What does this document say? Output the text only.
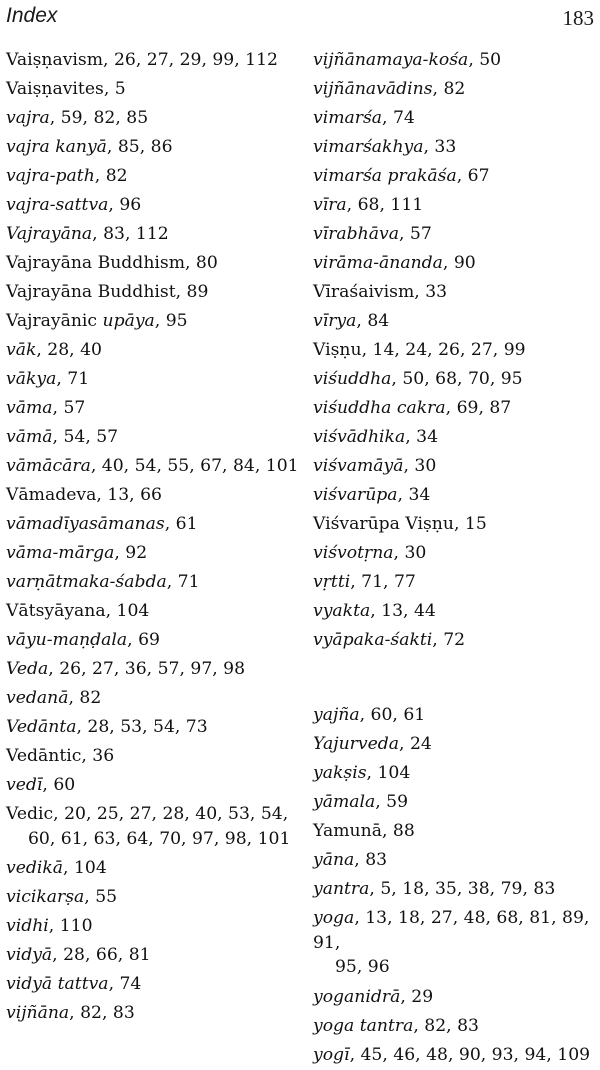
Index	183
Vaiṣṇavism, 26, 27, 29, 99, 112
Vaiṣṇavites, 5
vajra, 59, 82, 85
vajra kanyā, 85, 86
vajra-path, 82
vajra-sattva, 96
Vajrayāna, 83, 112
Vajrayāna Buddhism, 80
Vajrayāna Buddhist, 89
Vajrayānic upāya, 95
vāk, 28, 40
vākya, 71
vāma, 57
vāmā, 54, 57
vāmācāra, 40, 54, 55, 67, 84, 101
Vāmadeva, 13, 66
vāmadīyasāmanas, 61
vāma-mārga, 92
varṇātmaka-śabda, 71
Vātsyāyana, 104
vāyu-maṇḍala, 69
Veda, 26, 27, 36, 57, 97, 98
vedanā, 82
Vedānta, 28, 53, 54, 73
Vedāntic, 36
vedī, 60
Vedic, 20, 25, 27, 28, 40, 53, 54,
60, 61, 63, 64, 70, 97, 98, 101
vedikā, 104
vicikarṣa, 55
vidhi, 110
vidyā, 28, 66, 81
vidyā tattva, 74
vijñāna, 82, 83
vijñānamaya-kośa, 50
vijñānavādins, 82
vimarśa, 74
vimarśakhya, 33
vimarśa prakāśa, 67
vīra, 68, 111
vīrabhāva, 57
virāma-ānanda, 90
Vīraśaivism, 33
vīrya, 84
Viṣṇu, 14, 24, 26, 27, 99
viśuddha, 50, 68, 70, 95
viśuddha cakra, 69, 87
viśvādhika, 34
viśvamāyā, 30
viśvarūpa, 34
Viśvarūpa Viṣṇu, 15
viśvotṛna, 30
vṛtti, 71, 77
vyakta, 13, 44
vyāpaka-śakti, 72
yajña, 60, 61
Yajurveda, 24
yakṣis, 104
yāmala, 59
Yamunā, 88
yāna, 83
yantra, 5, 18, 35, 38, 79, 83
yoga, 13, 18, 27, 48, 68, 81, 89, 91,
95, 96
yoganidrā, 29
yoga tantra, 82, 83
yogī, 45, 46, 48, 90, 93, 94, 109
